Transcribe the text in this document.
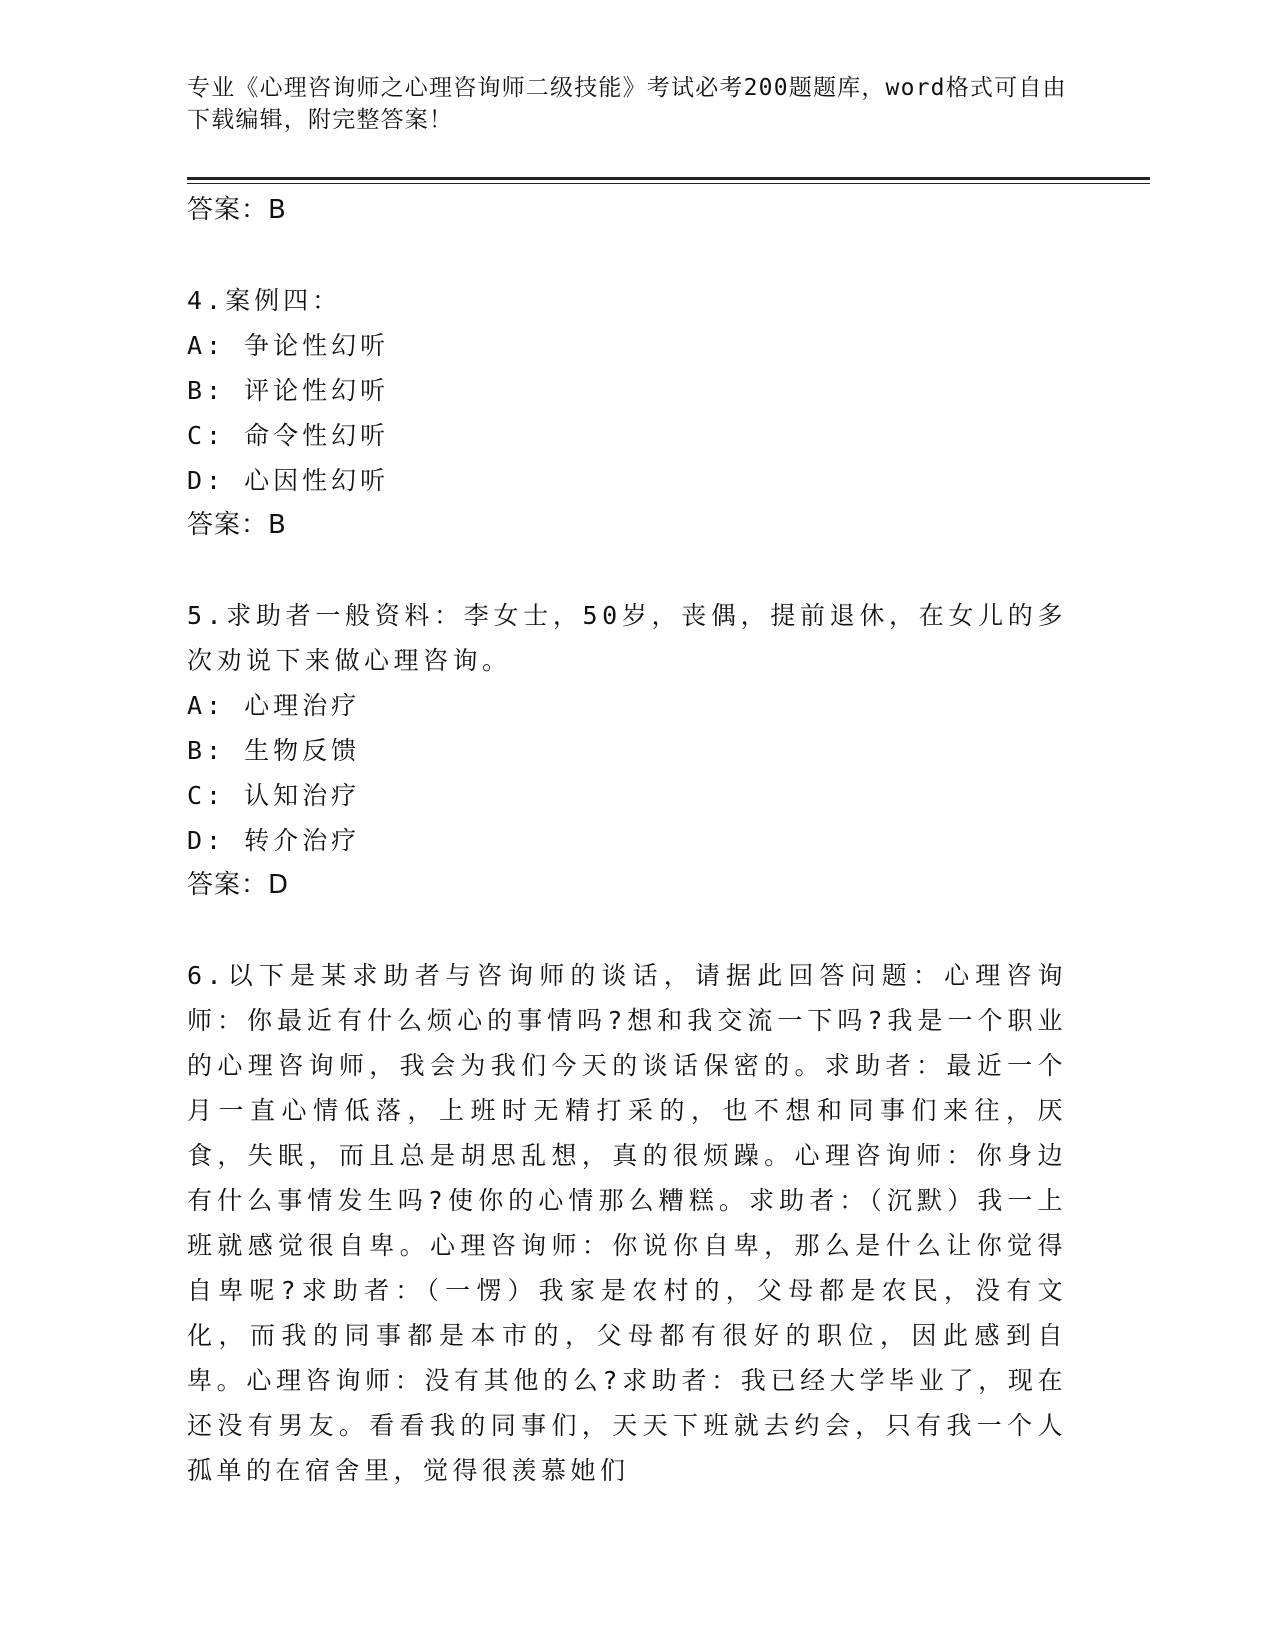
专业《心理咨询师之心理咨询师二级技能》考试必考200题题库，word格式可自由下载编辑，附完整答案！
答案：B
4.案例四：
A: 争论性幻听
B: 评论性幻听
C: 命令性幻听
D: 心因性幻听
答案：B
5.求助者一般资料：李女士，50岁，丧偶，提前退休，在女儿的多次劝说下来做心理咨询。
A: 心理治疗
B: 生物反馈
C: 认知治疗
D: 转介治疗
答案：D
6.以下是某求助者与咨询师的谈话，请据此回答问题：心理咨询师：你最近有什么烦心的事情吗?想和我交流一下吗?我是一个职业的心理咨询师，我会为我们今天的谈话保密的。求助者：最近一个月一直心情低落，上班时无精打采的，也不想和同事们来往，厌食，失眠，而且总是胡思乱想，真的很烦躁。心理咨询师：你身边有什么事情发生吗?使你的心情那么糟糕。求助者：（沉默）我一上班就感觉很自卑。心理咨询师：你说你自卑，那么是什么让你觉得自卑呢?求助者：（一愣）我家是农村的，父母都是农民，没有文化，而我的同事都是本市的，父母都有很好的职位，因此感到自卑。心理咨询师：没有其他的么?求助者：我已经大学毕业了，现在还没有男友。看看我的同事们，天天下班就去约会，只有我一个人孤单的在宿舍里，觉得很羡慕她们
